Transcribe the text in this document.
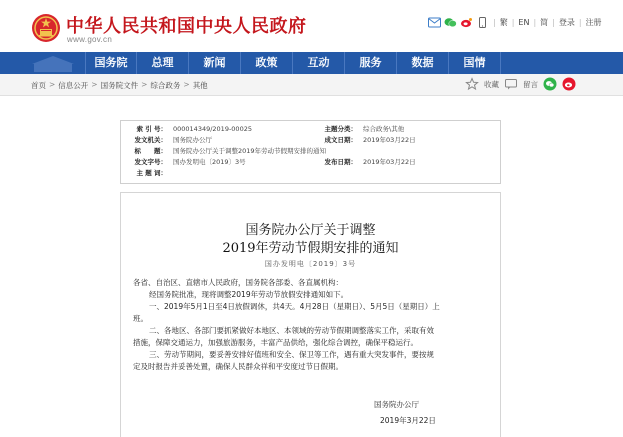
中华人民共和国中央人民政府
www.gov.cn
| 繁 | EN | 简 | 登录 | 注册
国务院	总理	新闻	政策	互动	服务	数据	国情
首页 > 信息公开 > 国务院文件 > 综合政务 > 其他	收藏	留言
索 引 号： 000014349/2019-00025	主题分类： 综合政务\其他
发文机关： 国务院办公厅	成文日期： 2019年03月22日
标　　题： 国务院办公厅关于调整2019年劳动节假期安排的通知
发文字号： 国办发明电〔2019〕3号	发布日期： 2019年03月22日
主 题 词：
国务院办公厅关于调整
2019年劳动节假期安排的通知
国办发明电〔2019〕3号
各省、自治区、直辖市人民政府，国务院各部委、各直属机构：
经国务院批准，现将调整2019年劳动节放假安排通知如下。
一、2019年5月1日至4日放假调休，共4天。4月28日（星期日）、5月5日（星期日）上
班。
二、各地区、各部门要抓紧做好本地区、本领域的劳动节假期调整落实工作，采取有效
措施，保障交通运力，加强旅游服务，丰富产品供给，强化综合调控，确保平稳运行。
三、劳动节期间，要妥善安排好值班和安全、保卫等工作，遇有重大突发事件，要按规
定及时报告并妥善处置，确保人民群众祥和平安度过节日假期。
国务院办公厅
2019年3月22日
